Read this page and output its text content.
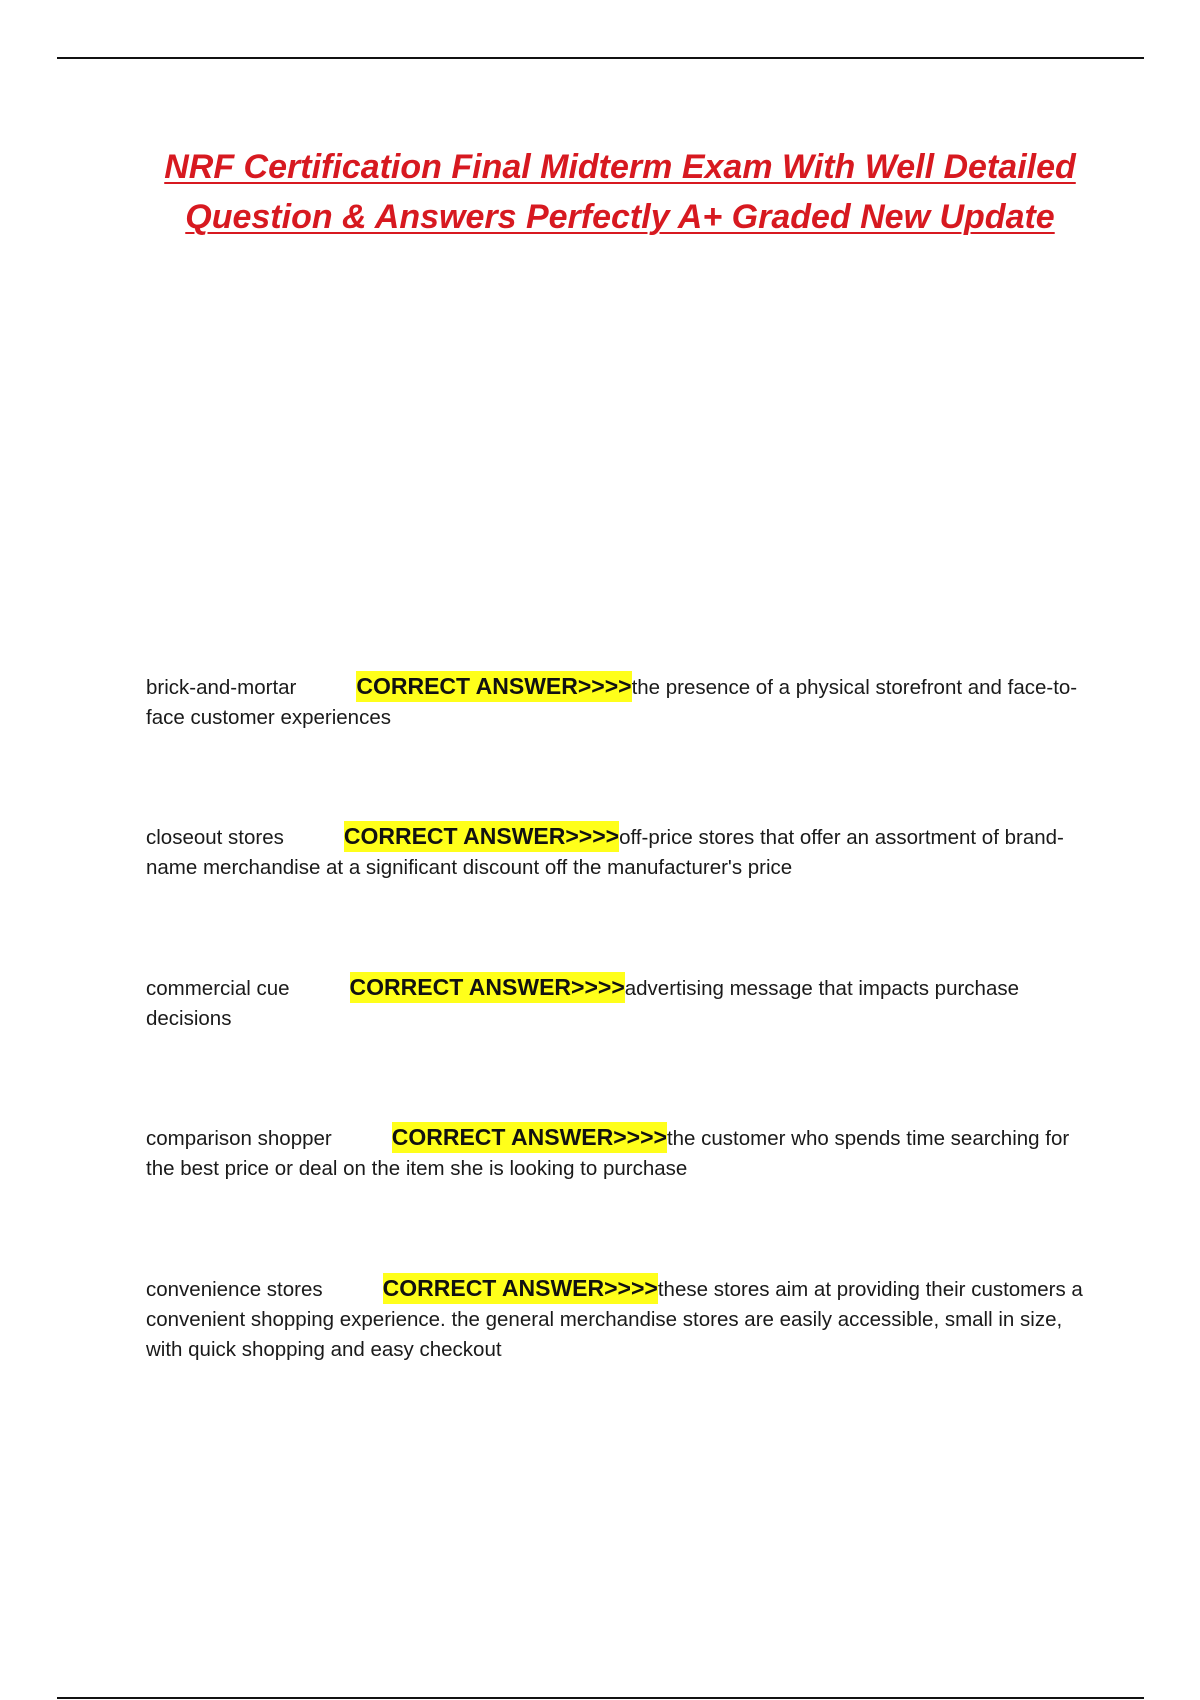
NRF Certification Final Midterm Exam With Well Detailed Question & Answers Perfectly A+ Graded New Update

brick-and-mortar	CORRECT ANSWER>>>>the presence of a physical storefront and face-to-face customer experiences

closeout stores	CORRECT ANSWER>>>>off-price stores that offer an assortment of brand-name merchandise at a significant discount off the manufacturer's price

commercial cue	CORRECT ANSWER>>>>advertising message that impacts purchase decisions

comparison shopper	CORRECT ANSWER>>>>the customer who spends time searching for the best price or deal on the item she is looking to purchase

convenience stores	CORRECT ANSWER>>>>these stores aim at providing their customers a convenient shopping experience. the general merchandise stores are easily accessible, small in size, with quick shopping and easy checkout
